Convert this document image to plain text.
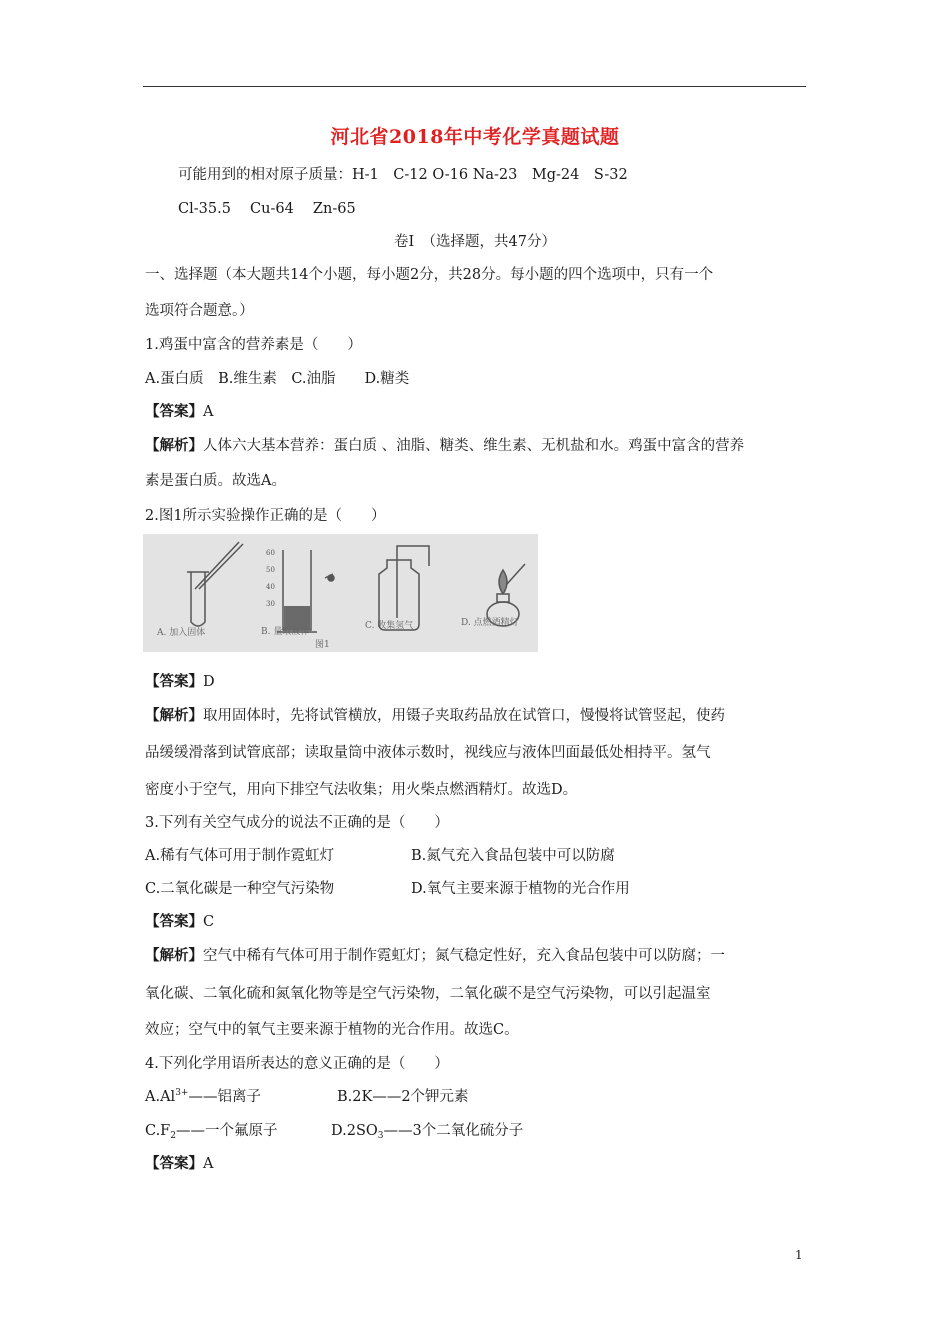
河北省2018年中考化学真题试题
可能用到的相对原子质量：H-1　C-12 O-16 Na-23　Mg-24　S-32
Cl-35.5　 Cu-64　 Zn-65
卷Ⅰ　（选择题，共47分）
一、选择题（本大题共14个小题，每小题2分，共28分。每小题的四个选项中，只有一个
选项符合题意。）
1.鸡蛋中富含的营养素是（　　）
A.蛋白质　B.维生素　C.油脂　　D.糖类
【答案】A
【解析】人体六大基本营养：蛋白质 、油脂、糖类、维生素、无机盐和水。鸡蛋中富含的营养
素是蛋白质。故选A。
2.图1所示实验操作正确的是（　　）
60
50
40
30
A. 加入固体	B. 量取液体
C. 收集氢气	D. 点燃酒精灯
图1
【答案】D
【解析】取用固体时，先将试管横放，用镊子夹取药品放在试管口，慢慢将试管竖起，使药
品缓缓滑落到试管底部；读取量筒中液体示数时，视线应与液体凹面最低处相持平。氢气
密度小于空气，用向下排空气法收集；用火柴点燃酒精灯。故选D。
3.下列有关空气成分的说法不正确的是（　　）
A.稀有气体可用于制作霓虹灯	B.氮气充入食品包装中可以防腐
C.二氧化碳是一种空气污染物	D.氧气主要来源于植物的光合作用
【答案】C
【解析】空气中稀有气体可用于制作霓虹灯；氮气稳定性好，充入食品包装中可以防腐；一
氧化碳、二氧化硫和氮氧化物等是空气污染物，二氧化碳不是空气污染物，可以引起温室
效应；空气中的氧气主要来源于植物的光合作用。故选C。
4.下列化学用语所表达的意义正确的是（　　）
$A.Al^{3+}——$铝离子	B.2K——2个钾元素
$C.F_2——$一个氟原子	$D.2SO_3——3$个二氧化硫分子
【答案】A
1
